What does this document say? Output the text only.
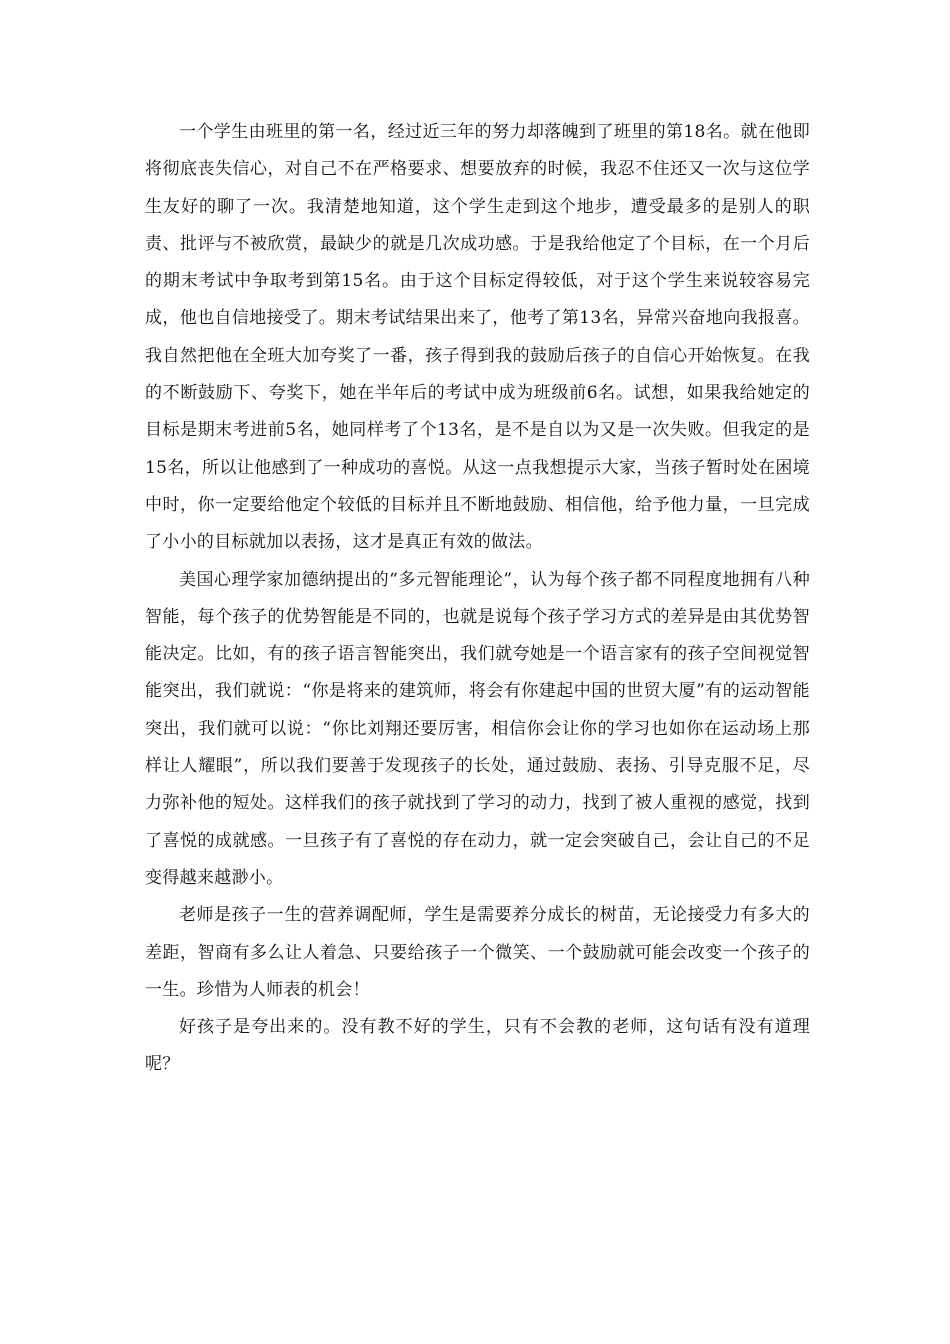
一个学生由班里的第一名，经过近三年的努力却落魄到了班里的第18名。就在他即将彻底丧失信心，对自己不在严格要求、想要放弃的时候，我忍不住还又一次与这位学生友好的聊了一次。我清楚地知道，这个学生走到这个地步，遭受最多的是别人的职责、批评与不被欣赏，最缺少的就是几次成功感。于是我给他定了个目标，在一个月后的期末考试中争取考到第15名。由于这个目标定得较低，对于这个学生来说较容易完成，他也自信地接受了。期末考试结果出来了，他考了第13名，异常兴奋地向我报喜。我自然把他在全班大加夸奖了一番，孩子得到我的鼓励后孩子的自信心开始恢复。在我的不断鼓励下、夸奖下，她在半年后的考试中成为班级前6名。试想，如果我给她定的目标是期末考进前5名，她同样考了个13名，是不是自以为又是一次失败。但我定的是15名，所以让他感到了一种成功的喜悦。从这一点我想提示大家，当孩子暂时处在困境中时，你一定要给他定个较低的目标并且不断地鼓励、相信他，给予他力量，一旦完成了小小的目标就加以表扬，这才是真正有效的做法。

美国心理学家加德纳提出的“多元智能理论”，认为每个孩子都不同程度地拥有八种智能，每个孩子的优势智能是不同的，也就是说每个孩子学习方式的差异是由其优势智能决定。比如，有的孩子语言智能突出，我们就夸她是一个语言家有的孩子空间视觉智能突出，我们就说：“你是将来的建筑师，将会有你建起中国的世贸大厦”有的运动智能突出，我们就可以说：“你比刘翔还要厉害，相信你会让你的学习也如你在运动场上那样让人耀眼”，所以我们要善于发现孩子的长处，通过鼓励、表扬、引导克服不足，尽力弥补他的短处。这样我们的孩子就找到了学习的动力，找到了被人重视的感觉，找到了喜悦的成就感。一旦孩子有了喜悦的存在动力，就一定会突破自己，会让自己的不足变得越来越渺小。

老师是孩子一生的营养调配师，学生是需要养分成长的树苗，无论接受力有多大的差距，智商有多么让人着急、只要给孩子一个微笑、一个鼓励就可能会改变一个孩子的一生。珍惜为人师表的机会！

好孩子是夸出来的。没有教不好的学生，只有不会教的老师，这句话有没有道理呢？
